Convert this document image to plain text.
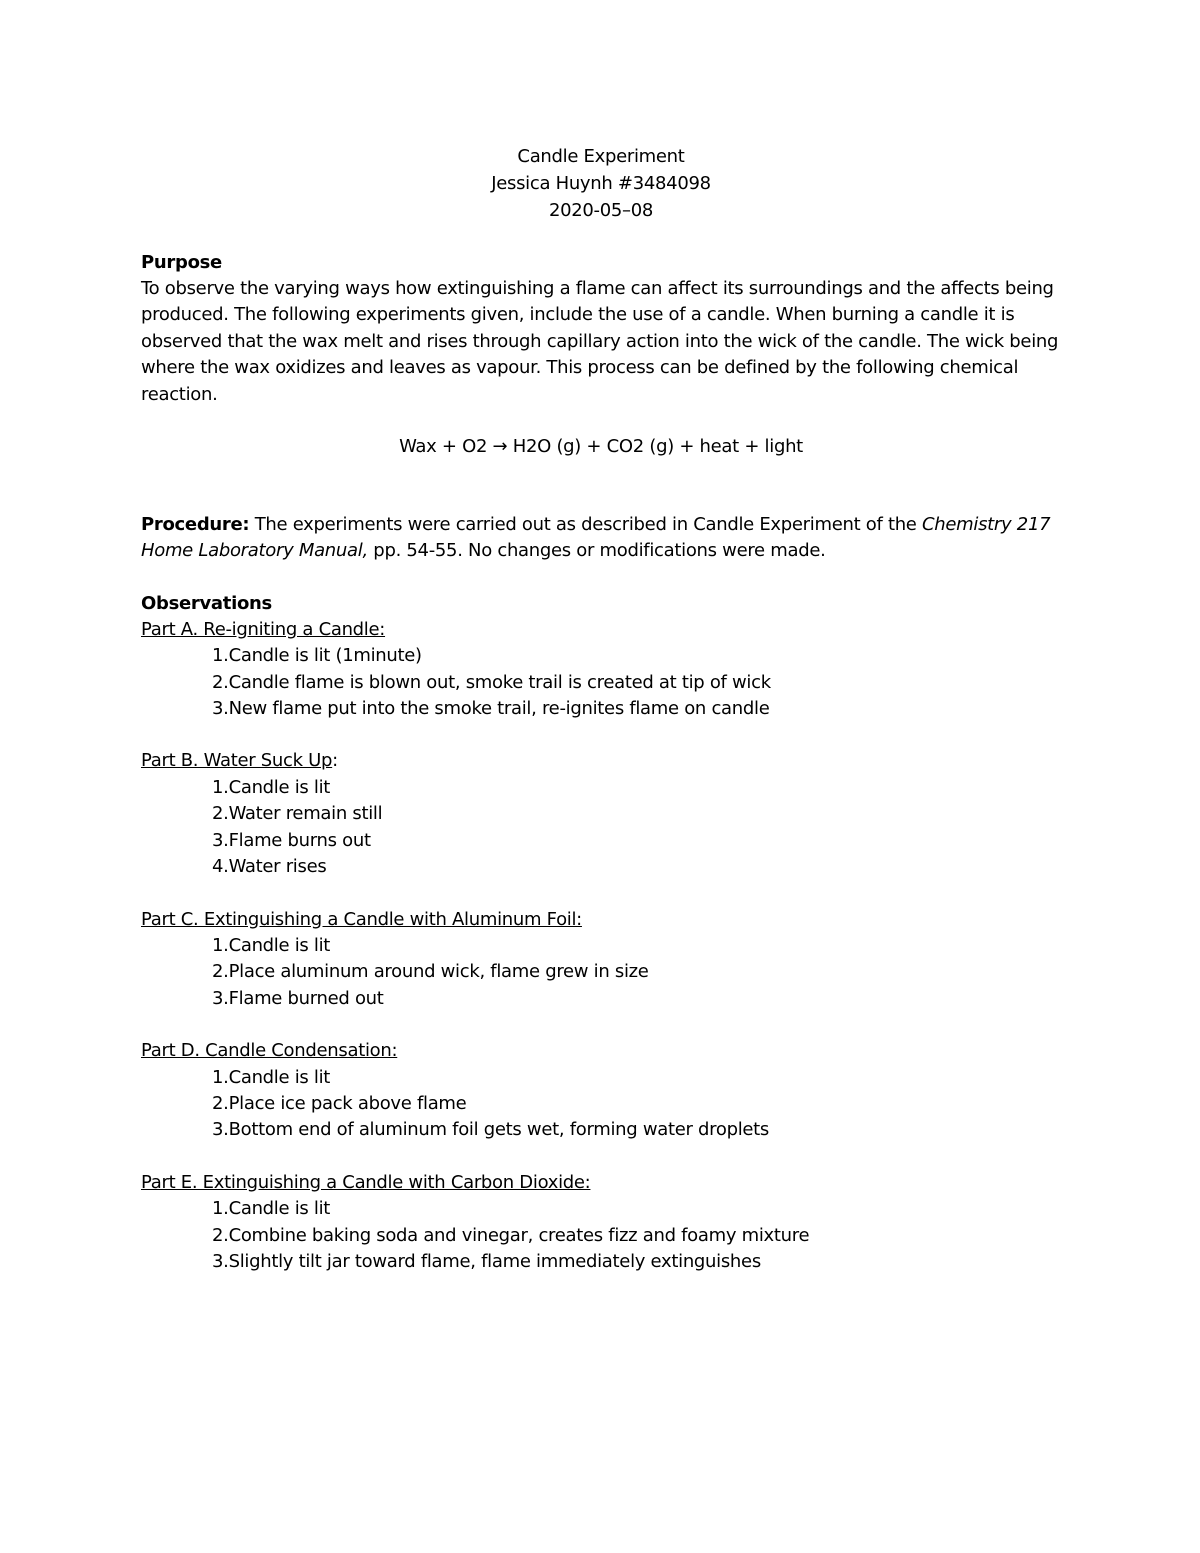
Candle Experiment
Jessica Huynh #3484098
2020-05–08
Purpose
To observe the varying ways how extinguishing a flame can affect its surroundings and the affects being produced. The following experiments given, include the use of a candle. When burning a candle it is observed that the wax melt and rises through capillary action into the wick of the candle. The wick being where the wax oxidizes and leaves as vapour. This process can be defined by the following chemical reaction.
Wax + O2 → H2O (g) + CO2 (g) + heat + light
Procedure: The experiments were carried out as described in Candle Experiment of the Chemistry 217 Home Laboratory Manual, pp. 54-55. No changes or modifications were made.
Observations
Part A. Re-igniting a Candle:
1.Candle is lit (1minute)
2.Candle flame is blown out, smoke trail is created at tip of wick
3.New flame put into the smoke trail, re-ignites flame on candle
Part B. Water Suck Up:
1.Candle is lit
2.Water remain still
3.Flame burns out
4.Water rises
Part C. Extinguishing a Candle with Aluminum Foil:
1.Candle is lit
2.Place aluminum around wick, flame grew in size
3.Flame burned out
Part D. Candle Condensation:
1.Candle is lit
2.Place ice pack above flame
3.Bottom end of aluminum foil gets wet, forming water droplets
Part E. Extinguishing a Candle with Carbon Dioxide:
1.Candle is lit
2.Combine baking soda and vinegar, creates fizz and foamy mixture
3.Slightly tilt jar toward flame, flame immediately extinguishes
